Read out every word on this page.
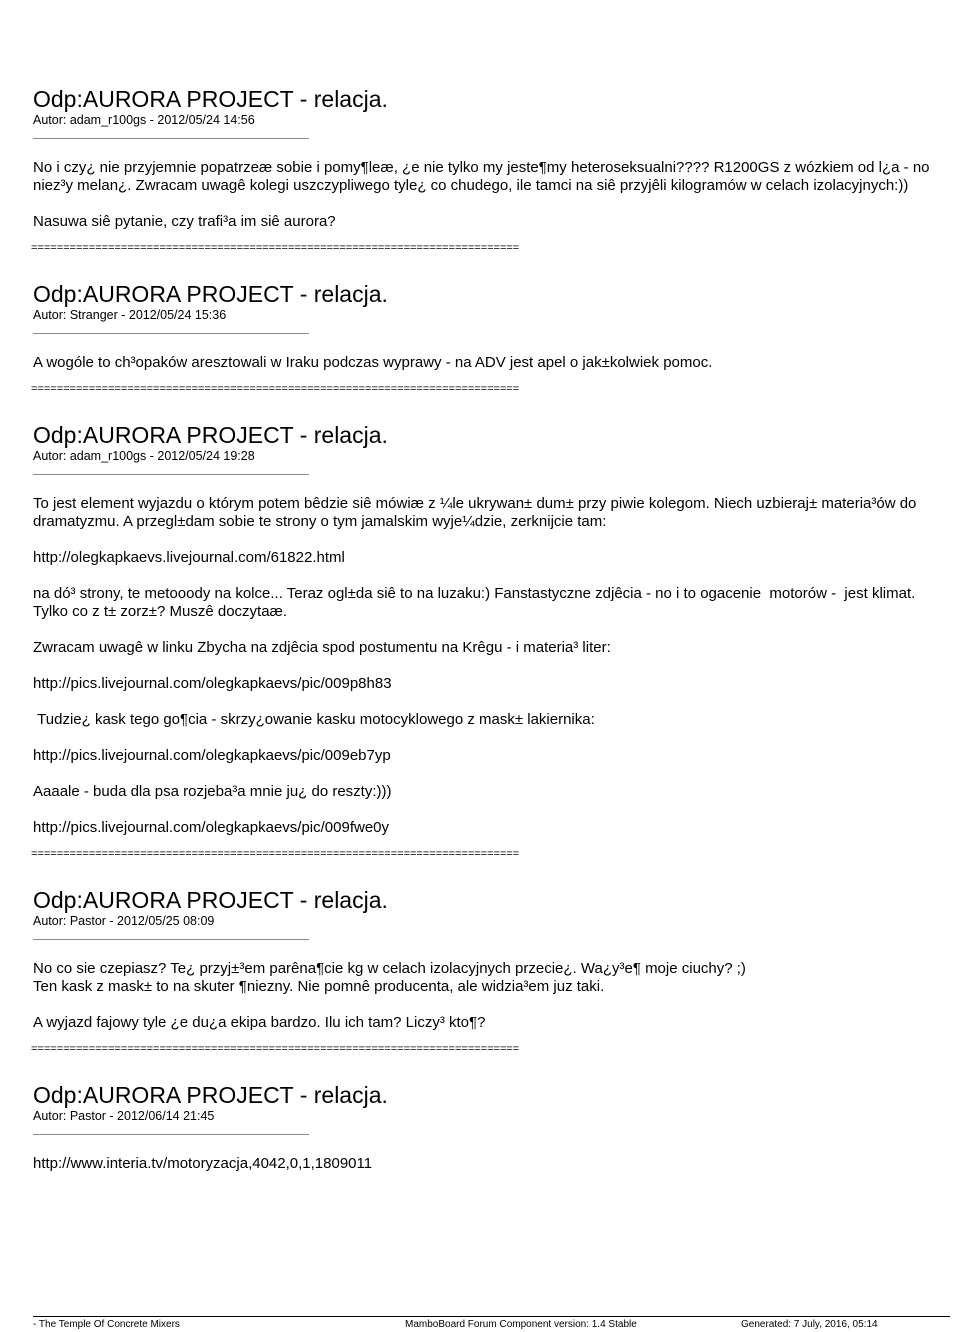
Odp:AURORA PROJECT - relacja.
Autor: adam_r100gs - 2012/05/24 14:56

No i czy¿ nie przyjemnie popatrzeæ sobie i pomy¶leæ, ¿e nie tylko my jeste¶my heteroseksualni???? R1200GS z wózkiem od l¿a - no niez³y melan¿. Zwracam uwagê kolegi uszczypliwego tyle¿ co chudego, ile tamci na siê przyjêli kilogramów w celach izolacyjnych:))

Nasuwa siê pytanie, czy trafi³a im siê aurora?

============================================================================
Odp:AURORA PROJECT - relacja.
Autor: Stranger - 2012/05/24 15:36

A wogóle to ch³opaków aresztowali w Iraku podczas wyprawy - na ADV jest apel o jak±kolwiek pomoc.

============================================================================
Odp:AURORA PROJECT - relacja.
Autor: adam_r100gs - 2012/05/24 19:28

To jest element wyjazdu o którym potem bêdzie siê mówiæ z ¼le ukrywan± dum± przy piwie kolegom. Niech uzbieraj± materia³ów do dramatyzmu. A przegl±dam sobie te strony o tym jamalskim wyje¼dzie, zerknijcie tam:

http://olegkapkaevs.livejournal.com/61822.html

na dó³ strony, te metooody na kolce... Teraz ogl±da siê to na luzaku:) Fanstastyczne zdjêcia - no i to ogacenie  motorów -  jest klimat. Tylko co z t± zorz±? Muszê doczytaæ.

Zwracam uwagê w linku Zbycha na zdjêcia spod postumentu na Krêgu - i materia³ liter:

http://pics.livejournal.com/olegkapkaevs/pic/009p8h83

Tudzie¿ kask tego go¶cia - skrzy¿owanie kasku motocyklowego z mask± lakiernika:

http://pics.livejournal.com/olegkapkaevs/pic/009eb7yp

Aaaale - buda dla psa rozjeba³a mnie ju¿ do reszty:)))

http://pics.livejournal.com/olegkapkaevs/pic/009fwe0y

============================================================================
Odp:AURORA PROJECT - relacja.
Autor: Pastor - 2012/05/25 08:09

No co sie czepiasz? Te¿ przyj±³em parêna¶cie kg w celach izolacyjnych przecie¿. Wa¿y³e¶ moje ciuchy? ;)
Ten kask z mask± to na skuter ¶niezny. Nie pomnê producenta, ale widzia³em juz taki.

A wyjazd fajowy tyle ¿e du¿a ekipa bardzo. Ilu ich tam? Liczy³ kto¶?

============================================================================
Odp:AURORA PROJECT - relacja.
Autor: Pastor - 2012/06/14 21:45

http://www.interia.tv/motoryzacja,4042,0,1,1809011

- The Temple Of Concrete Mixers	MamboBoard Forum Component version: 1.4 Stable	Generated: 7 July, 2016, 05:14
